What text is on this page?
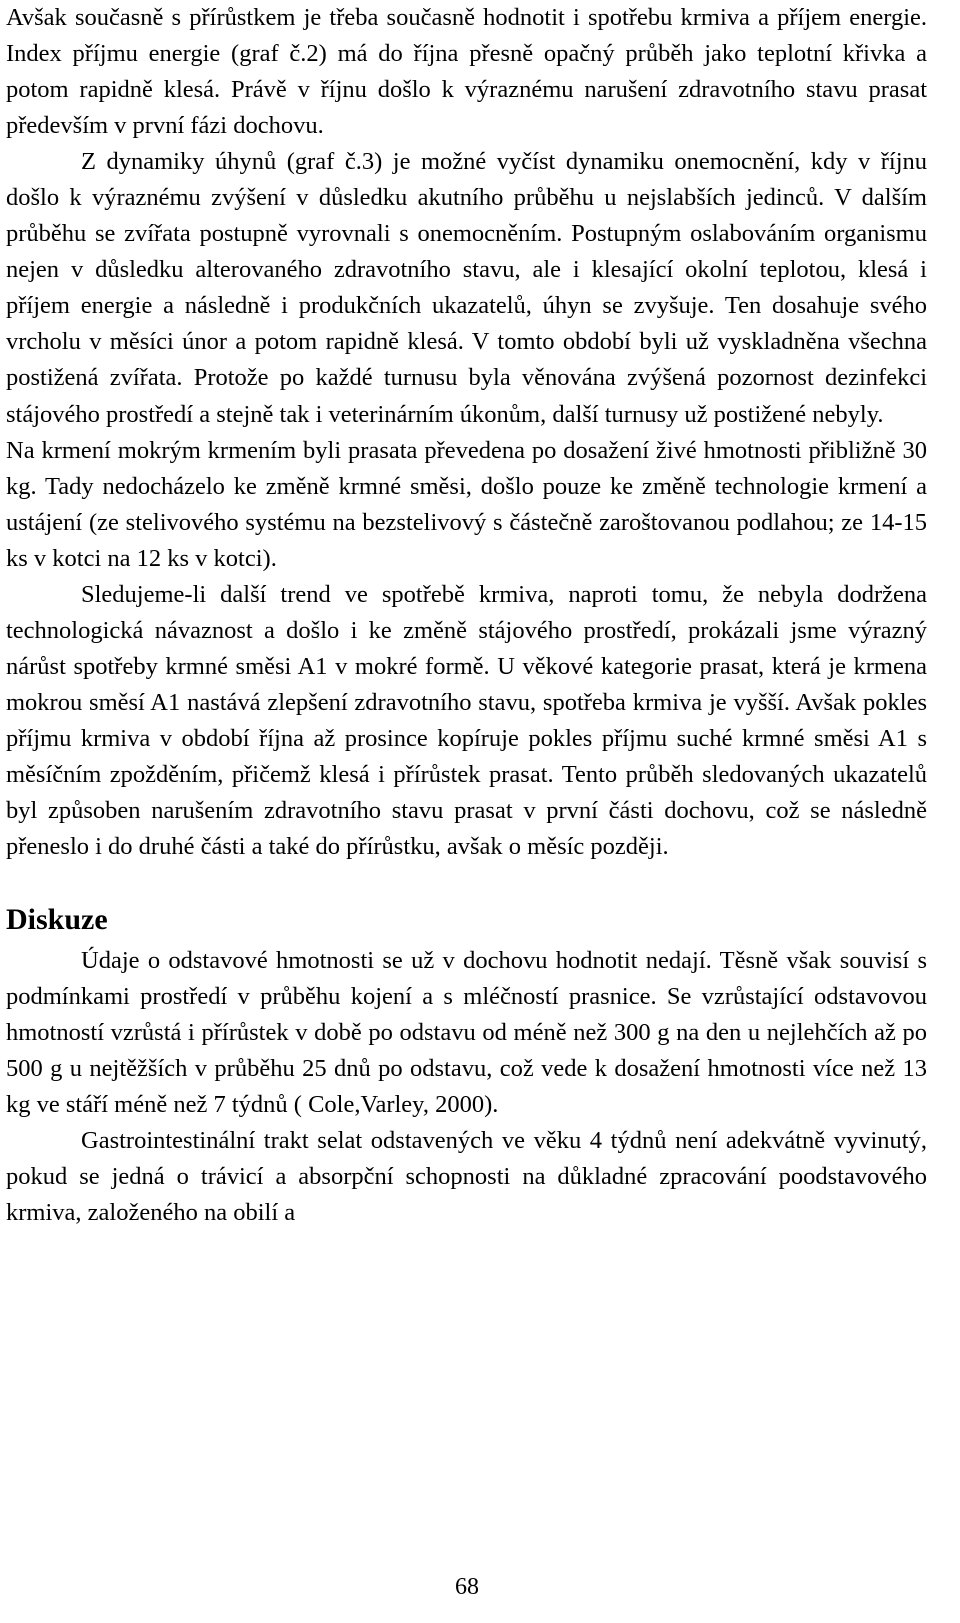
Avšak současně s přírůstkem je třeba současně hodnotit i spotřebu krmiva a příjem energie. Index příjmu energie (graf č.2) má do října přesně opačný průběh jako teplotní křivka a potom rapidně klesá. Právě v říjnu došlo k výraznému narušení zdravotního stavu prasat především v první fázi dochovu.

Z dynamiky úhynů (graf č.3) je možné vyčíst dynamiku onemocnění, kdy v říjnu došlo k výraznému zvýšení v důsledku akutního průběhu u nejslabších jedinců. V dalším průběhu se zvířata postupně vyrovnali s onemocněním. Postupným oslabováním organismu nejen v důsledku alterovaného zdravotního stavu, ale i klesající okolní teplotou, klesá i příjem energie a následně i produkčních ukazatelů, úhyn se zvyšuje. Ten dosahuje svého vrcholu v měsíci únor a potom rapidně klesá. V tomto období byli už vyskladněna všechna postižená zvířata. Protože po každé turnusu byla věnována zvýšená pozornost dezinfekci stájového prostředí a stejně tak i veterinárním úkonům, další turnusy už postižené nebyly.

Na krmení mokrým krmením byli prasata převedena po dosažení živé hmotnosti přibližně 30 kg. Tady nedocházelo ke změně krmné směsi, došlo pouze ke změně technologie krmení a ustájení (ze stelivového systému na bezstelivový s částečně zaroštovanou podlahou; ze 14-15 ks v kotci na 12 ks v kotci).

Sledujeme-li další trend ve spotřebě krmiva, naproti tomu, že nebyla dodržena technologická návaznost a došlo i ke změně stájového prostředí, prokázali jsme výrazný nárůst spotřeby krmné směsi A1 v mokré formě. U věkové kategorie prasat, která je krmena mokrou směsí A1 nastává zlepšení zdravotního stavu, spotřeba krmiva je vyšší. Avšak pokles příjmu krmiva v období října až prosince kopíruje pokles příjmu suché krmné směsi A1 s měsíčním zpožděním, přičemž klesá i přírůstek prasat. Tento průběh sledovaných ukazatelů byl způsoben narušením zdravotního stavu prasat v první části dochovu, což se následně přeneslo i do druhé části a také do přírůstku, avšak o měsíc později.

Diskuze

Údaje o odstavové hmotnosti se už v dochovu hodnotit nedají. Těsně však souvisí s podmínkami prostředí v průběhu kojení a s mléčností prasnice. Se vzrůstající odstavovou hmotností vzrůstá i přírůstek v době po odstavu od méně než 300 g na den u nejlehčích až po 500 g u nejtěžších v průběhu 25 dnů po odstavu, což vede k dosažení hmotnosti více než 13 kg ve stáří méně než 7 týdnů ( Cole,Varley, 2000).

Gastrointestinální trakt selat odstavených ve věku 4 týdnů není adekvátně vyvinutý, pokud se jedná o trávicí a absorpční schopnosti na důkladné zpracování poodstavového krmiva, založeného na obilí a

68
